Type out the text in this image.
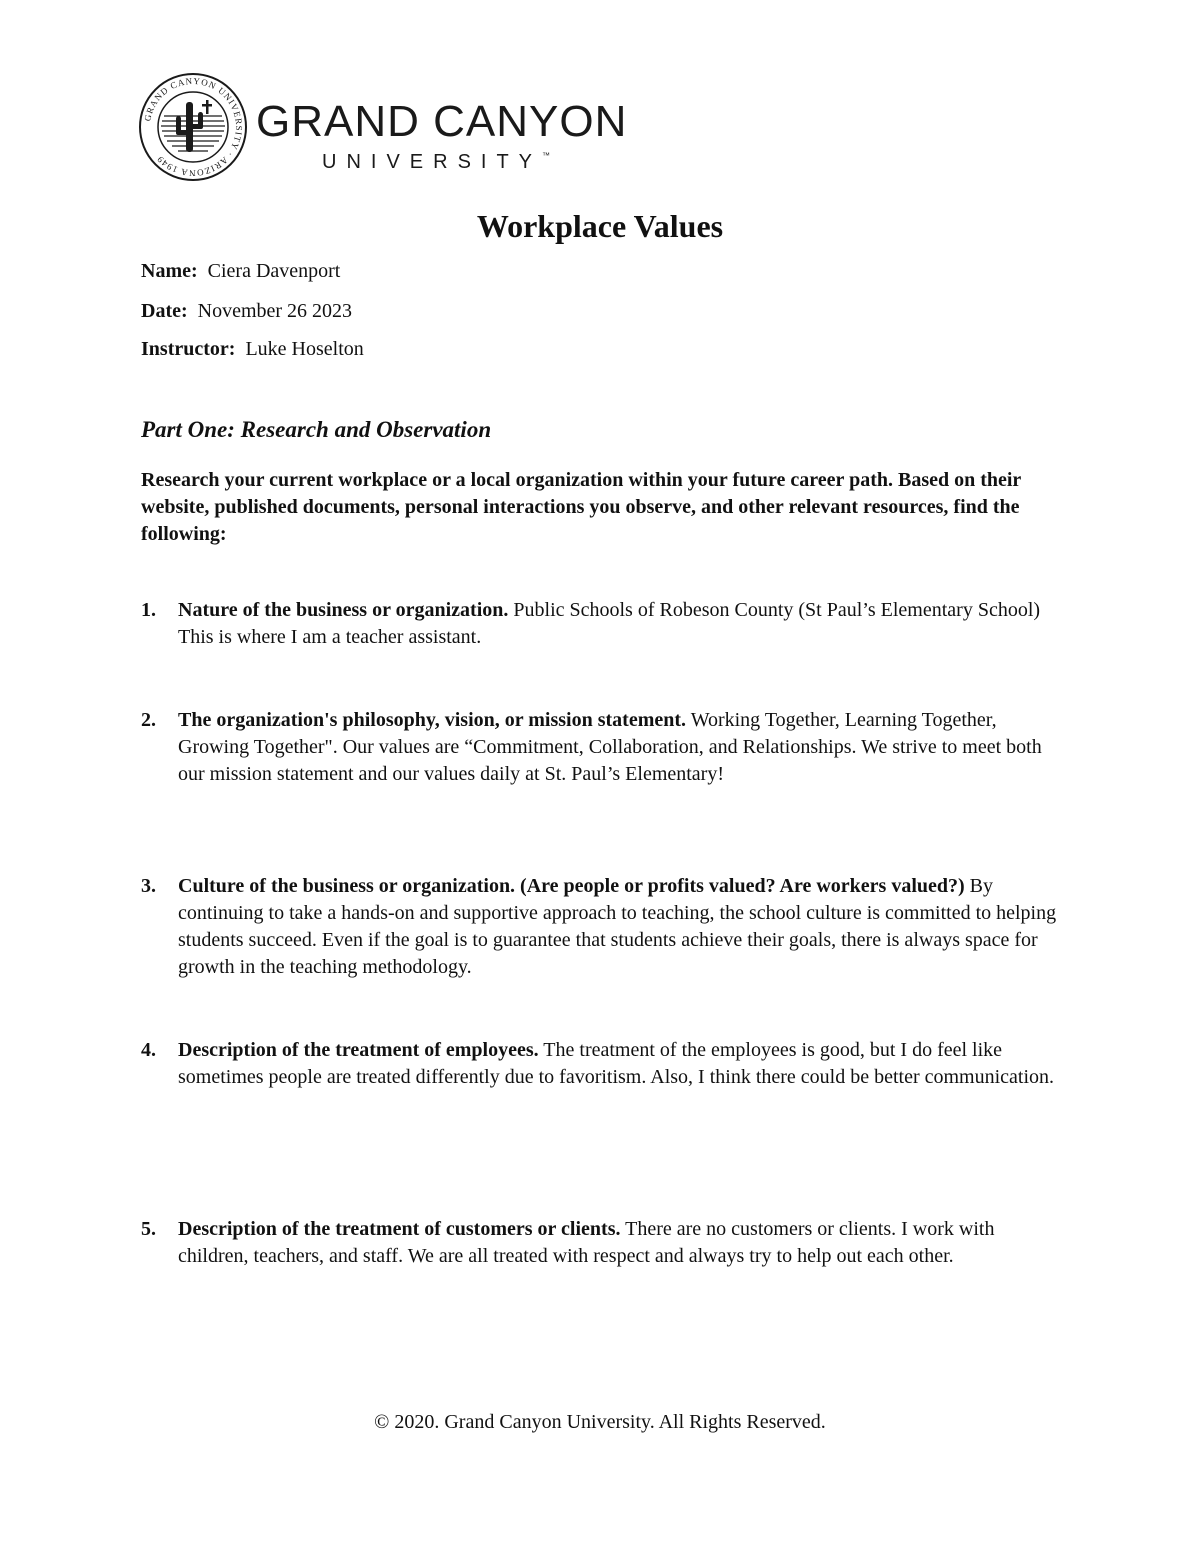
GRAND CANYON UNIVERSITY · ARIZONA 1949
GRAND CANYON
UNIVERSITY™
Workplace Values
Name: Ciera Davenport
Date: November 26 2023
Instructor: Luke Hoselton
Part One: Research and Observation
Research your current workplace or a local organization within your future career path. Based on their website, published documents, personal interactions you observe, and other relevant resources, find the following:
1. Nature of the business or organization. Public Schools of Robeson County (St Paul’s Elementary School) This is where I am a teacher assistant.
2. The organization's philosophy, vision, or mission statement. Working Together, Learning Together, Growing Together". Our values are “Commitment, Collaboration, and Relationships. We strive to meet both our mission statement and our values daily at St. Paul’s Elementary!
3. Culture of the business or organization. (Are people or profits valued? Are workers valued?) By continuing to take a hands-on and supportive approach to teaching, the school culture is committed to helping students succeed. Even if the goal is to guarantee that students achieve their goals, there is always space for growth in the teaching methodology.
4. Description of the treatment of employees. The treatment of the employees is good, but I do feel like sometimes people are treated differently due to favoritism. Also, I think there could be better communication.
5. Description of the treatment of customers or clients. There are no customers or clients. I work with children, teachers, and staff. We are all treated with respect and always try to help out each other.
© 2020. Grand Canyon University. All Rights Reserved.
